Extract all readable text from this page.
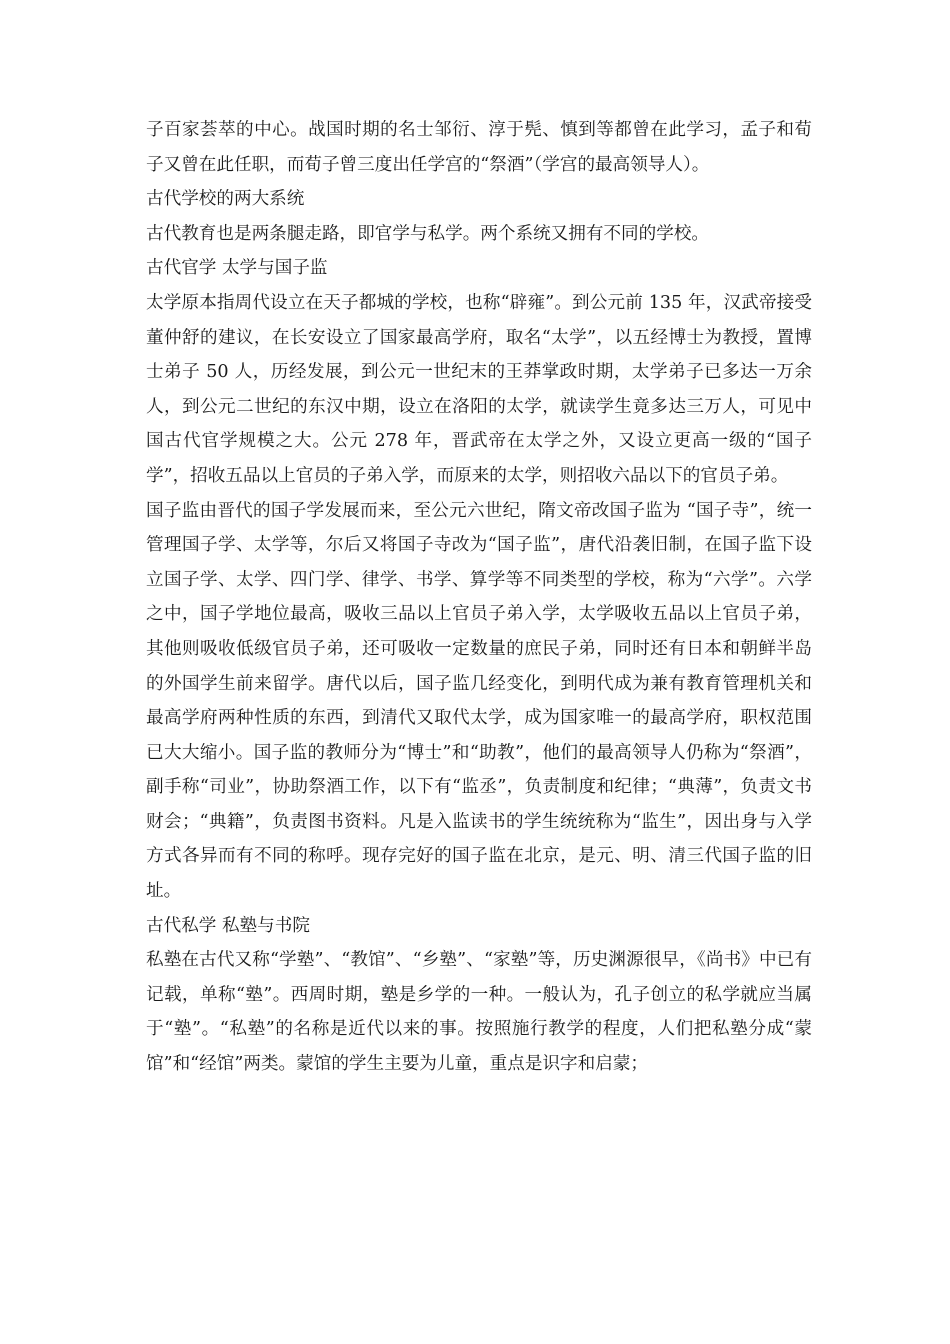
子百家荟萃的中心。战国时期的名士邹衍、淳于髡、慎到等都曾在此学习，孟子和荀子又曾在此任职，而荀子曾三度出任学宫的“祭酒”（学宫的最高领导人）。

古代学校的两大系统

古代教育也是两条腿走路，即官学与私学。两个系统又拥有不同的学校。

古代官学 太学与国子监

太学原本指周代设立在天子都城的学校，也称“辟雍”。到公元前 135 年，汉武帝接受董仲舒的建议，在长安设立了国家最高学府，取名“太学”，以五经博士为教授，置博士弟子 50 人，历经发展，到公元一世纪末的王莽掌政时期，太学弟子已多达一万余人，到公元二世纪的东汉中期，设立在洛阳的太学，就读学生竟多达三万人，可见中国古代官学规模之大。公元 278 年，晋武帝在太学之外，又设立更高一级的“国子学”，招收五品以上官员的子弟入学，而原来的太学，则招收六品以下的官员子弟。

国子监由晋代的国子学发展而来，至公元六世纪，隋文帝改国子监为 “国子寺”，统一管理国子学、太学等，尔后又将国子寺改为“国子监”，唐代沿袭旧制，在国子监下设立国子学、太学、四门学、律学、书学、算学等不同类型的学校，称为“六学”。六学之中，国子学地位最高，吸收三品以上官员子弟入学，太学吸收五品以上官员子弟，其他则吸收低级官员子弟，还可吸收一定数量的庶民子弟，同时还有日本和朝鲜半岛的外国学生前来留学。唐代以后，国子监几经变化，到明代成为兼有教育管理机关和最高学府两种性质的东西，到清代又取代太学，成为国家唯一的最高学府，职权范围已大大缩小。国子监的教师分为“博士”和“助教”，他们的最高领导人仍称为“祭酒”，副手称“司业”，协助祭酒工作，以下有“监丞”，负责制度和纪律；“典薄”，负责文书财会；“典籍”，负责图书资料。凡是入监读书的学生统统称为“监生”，因出身与入学方式各异而有不同的称呼。现存完好的国子监在北京，是元、明、清三代国子监的旧址。

古代私学 私塾与书院

私塾在古代又称“学塾”、“教馆”、“乡塾”、“家塾”等，历史渊源很早，《尚书》中已有记载，单称“塾”。西周时期，塾是乡学的一种。一般认为，孔子创立的私学就应当属于“塾”。“私塾”的名称是近代以来的事。按照施行教学的程度，人们把私塾分成“蒙馆”和“经馆”两类。蒙馆的学生主要为儿童，重点是识字和启蒙；
